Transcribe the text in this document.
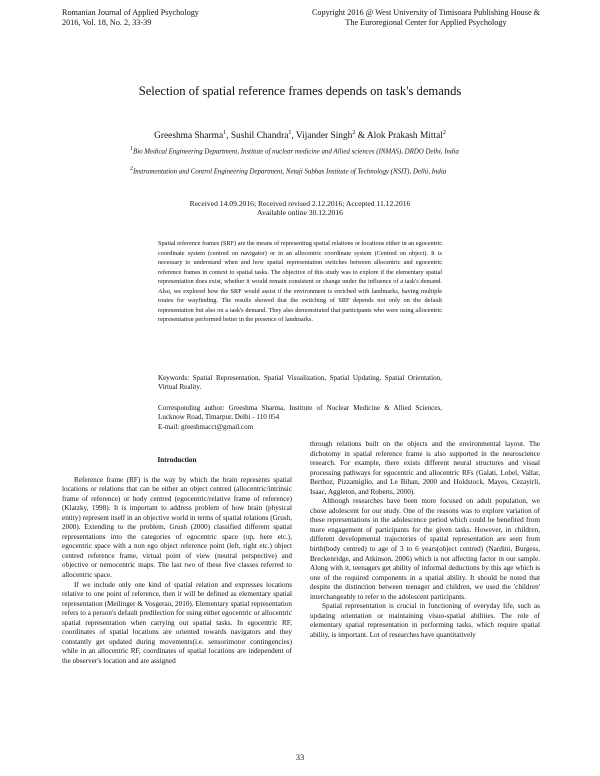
Romanian Journal of Applied Psychology
2016, Vol. 18, No. 2, 33-39
Copyright 2016 @ West University of Timisoara Publishing House &
The Euroregional Center for Applied Psychology
Selection of spatial reference frames depends on task's demands
Greeshma Sharma$^1$, Sushil Chandra$^1$, Vijander Singh$^2$ & Alok Prakash Mittal$^2$
$^1$Bio Medical Engineering Department, Institute of nuclear medicine and Allied sciences (INMAS), DRDO Delhi, India
$^2$Instrumentation and Control Engineering Department, Netaji Subhas Institute of Technology (NSIT), Delhi, India
Received 14.09.2016; Received revised 2.12.2016; Accepted 11.12.2016
Available online 30.12.2016
Spatial reference frames (SRF) are the means of representing spatial relations or locations either in an egocentric coordinate system (centred on navigator) or in an allocentric coordinate system (Centred on object). It is necessary to understand when and how spatial representation switches between allocentric and egocentric reference frames in context to spatial tasks. The objective of this study was to explore if the elementary spatial representation does exist, whether it would remain consistent or change under the influence of a task's demand. Also, we explored how the SRF would assist if the environment is enriched with landmarks, having multiple routes for wayfinding. The results showed that the switching of SRF depends not only on the default representation but also on a task's demand. They also demonstrated that participants who were using allocentric representation performed better in the presence of landmarks.
Keywords: Spatial Representation, Spatial Visualization, Spatial Updating, Spatial Orientation, Virtual Reality.
Corresponding author: Greeshma Sharma, Institute of Nuclear Medicine & Allied Sciences, Lucknow Road, Timarpur, Delhi - 110 054
E-mail: greeshmacct@gmail.com

Introduction

Reference frame (RF) is the way by which the brain represents spatial locations or relations that can be either an object centred (allocentric/intrinsic frame of reference) or body centred (egocentric/relative frame of reference) (Klatzky, 1998). It is important to address problem of how brain (physical entity) represent itself in an objective world in terms of spatial relations (Grush, 2000). Extending to the problem, Grush (2000) classified different spatial representations into the categories of egocentric space (up, here etc.), egocentric space with a non ego object reference point (left, right etc.) object centred reference frame, virtual point of view (neutral perspective) and objective or nemocentric maps. The last two of these five classes referred to allocentric space.

If we include only one kind of spatial relation and expresses locations relative to one point of reference, then it will be defined as elementary spatial representation (Meilinger & Vosgerau, 2010). Elementary spatial representation refers to a person's default predilection for using either egocentric or allocentric spatial representation when carrying out spatial tasks. In egocentric RF, coordinates of spatial locations are oriented towards navigators and they constantly get updated during movements(i.e. sensorimotor contingencies) while in an allocentric RF, coordinates of spatial locations are independent of the observer's location and are assigned

through relations built on the objects and the environmental layout. The dichotomy in spatial reference frame is also supported in the neuroscience research. For example, there exists different neural structures and visual processing pathways for egocentric and allocentric RFs (Galati, Lobel, Vallar, Berthoz, Pizzamiglio, and Le Bihan, 2000 and Holdstock, Mayes, Cezayirli, Isaac, Aggleton, and Roberts, 2000).

Although researches have been more focused on adult population, we chose adolescent for our study. One of the reasons was to explore variation of these representations in the adolescence period which could be benefited from more engagement of participants for the given tasks. However, in children, different developmental trajectories of spatial representation are seen from birth(body centred) to age of 3 to 6 years(object centred) (Nardini, Burgess, Breckenridge, and Atkinson, 2006) which is not affecting factor in our sample. Along with it, teenagers get ability of informal deductions by this age which is one of the required components in a spatial ability. It should be noted that despite the distinction between teenager and children, we used the 'children' interchangeably to refer to the adolescent participants.

Spatial representation is crucial in functioning of everyday life, such as updating orientation or maintaining visuo-spatial abilities. The role of elementary spatial representation in performing tasks, which require spatial ability, is important. Lot of researches have quantitatively

33
